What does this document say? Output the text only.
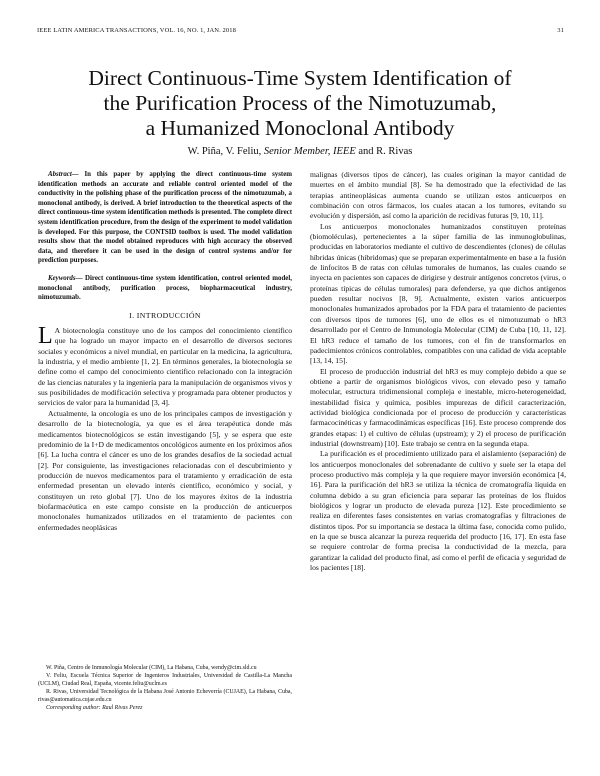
IEEE LATIN AMERICA TRANSACTIONS, VOL. 16, NO. 1, JAN. 2018	31
Direct Continuous-Time System Identification of
the Purification Process of the Nimotuzumab,
a Humanized Monoclonal Antibody
W. Piña, V. Feliu, Senior Member, IEEE and R. Rivas

Abstract— In this paper by applying the direct continuous-time system identification methods an accurate and reliable control oriented model of the conductivity in the polishing phase of the purification process of the nimotuzumab, a monoclonal antibody, is derived. A brief introduction to the theoretical aspects of the direct continuous-time system identification methods is presented. The complete direct system identification procedure, from the design of the experiment to model validation is developed. For this purpose, the CONTSID toolbox is used. The model validation results show that the model obtained reproduces with high accuracy the observed data, and therefore it can be used in the design of control systems and/or for prediction purposes.

Keywords— Direct continuous-time system identification, control oriented model, monoclonal antibody, purification process, biopharmaceutical industry, nimotuzumab.

I. INTRODUCCIÓN

L A biotecnología constituye uno de los campos del conocimiento científico que ha logrado un mayor impacto en el desarrollo de diversos sectores sociales y económicos a nivel mundial, en particular en la medicina, la agricultura, la industria, y el medio ambiente [1, 2]. En términos generales, la biotecnología se define como el campo del conocimiento científico relacionado con la integración de las ciencias naturales y la ingeniería para la manipulación de organismos vivos y sus posibilidades de modificación selectiva y programada para obtener productos y servicios de valor para la humanidad [3, 4].

Actualmente, la oncología es uno de los principales campos de investigación y desarrollo de la biotecnología, ya que es el área terapéutica donde más medicamentos biotecnológicos se están investigando [5], y se espera que este predominio de la I+D de medicamentos oncológicos aumente en los próximos años [6]. La lucha contra el cáncer es uno de los grandes desafíos de la sociedad actual [2]. Por consiguiente, las investigaciones relacionadas con el descubrimiento y producción de nuevos medicamentos para el tratamiento y erradicación de esta enfermedad presentan un elevado interés científico, económico y social, y constituyen un reto global [7]. Uno de los mayores éxitos de la industria biofarmacéutica en este campo consiste en la producción de anticuerpos monoclonales humanizados utilizados en el tratamiento de pacientes con enfermedades neoplásicas

W. Piña, Centro de Inmunología Molecular (CIM), La Habana, Cuba, wendy@cim.sld.cu

V. Feliu, Escuela Técnica Superior de Ingenieros Industriales, Universidad de Castilla-La Mancha (UCLM), Ciudad Real, España, vicente.feliu@uclm.es

R. Rivas, Universidad Tecnológica de la Habana José Antonio Echeverría (CUJAE), La Habana, Cuba, rivas@automatica.cujae.edu.cu

Corresponding author: Raul Rivas Perez

malignas (diversos tipos de cáncer), las cuales originan la mayor cantidad de muertes en el ámbito mundial [8]. Se ha demostrado que la efectividad de las terapias antineoplásicas aumenta cuando se utilizan estos anticuerpos en combinación con otros fármacos, los cuales atacan a los tumores, evitando su evolución y dispersión, así como la aparición de recidivas futuras [9, 10, 11].

Los anticuerpos monoclonales humanizados constituyen proteínas (biomoléculas), pertenecientes a la súper familia de las inmunoglobulinas, producidas en laboratorios mediante el cultivo de descendientes (clones) de células híbridas únicas (hibridomas) que se preparan experimentalmente en base a la fusión de linfocitos B de ratas con células tumorales de humanos, las cuales cuando se inyecta en pacientes son capaces de dirigirse y destruir antígenos concretos (virus, o proteínas típicas de células tumorales) para defenderse, ya que dichos antígenos pueden resultar nocivos [8, 9]. Actualmente, existen varios anticuerpos monoclonales humanizados aprobados por la FDA para el tratamiento de pacientes con diversos tipos de tumores [6], uno de ellos es el nimotuzumab o hR3 desarrollado por el Centro de Inmunología Molecular (CIM) de Cuba [10, 11, 12]. El hR3 reduce el tamaño de los tumores, con el fin de transformarlos en padecimientos crónicos controlables, compatibles con una calidad de vida aceptable [13, 14, 15].

El proceso de producción industrial del hR3 es muy complejo debido a que se obtiene a partir de organismos biológicos vivos, con elevado peso y tamaño molecular, estructura tridimensional compleja e inestable, micro-heterogeneidad, inestabilidad física y química, posibles impurezas de difícil caracterización, actividad biológica condicionada por el proceso de producción y características farmacocinéticas y farmacodinámicas específicas [16]. Este proceso comprende dos grandes etapas: 1) el cultivo de células (upstream); y 2) el proceso de purificación industrial (downstream) [10]. Este trabajo se centra en la segunda etapa.

La purificación es el procedimiento utilizado para el aislamiento (separación) de los anticuerpos monoclonales del sobrenadante de cultivo y suele ser la etapa del proceso productivo más compleja y la que requiere mayor inversión económica [4, 16]. Para la purificación del hR3 se utiliza la técnica de cromatografía líquida en columna debido a su gran eficiencia para separar las proteínas de los fluidos biológicos y lograr un producto de elevada pureza [12]. Este procedimiento se realiza en diferentes fases consistentes en varias cromatografías y filtraciones de distintos tipos. Por su importancia se destaca la última fase, conocida como pulido, en la que se busca alcanzar la pureza requerida del producto [16, 17]. En esta fase se requiere controlar de forma precisa la conductividad de la mezcla, para garantizar la calidad del producto final, así como el perfil de eficacia y seguridad de los pacientes [18].
